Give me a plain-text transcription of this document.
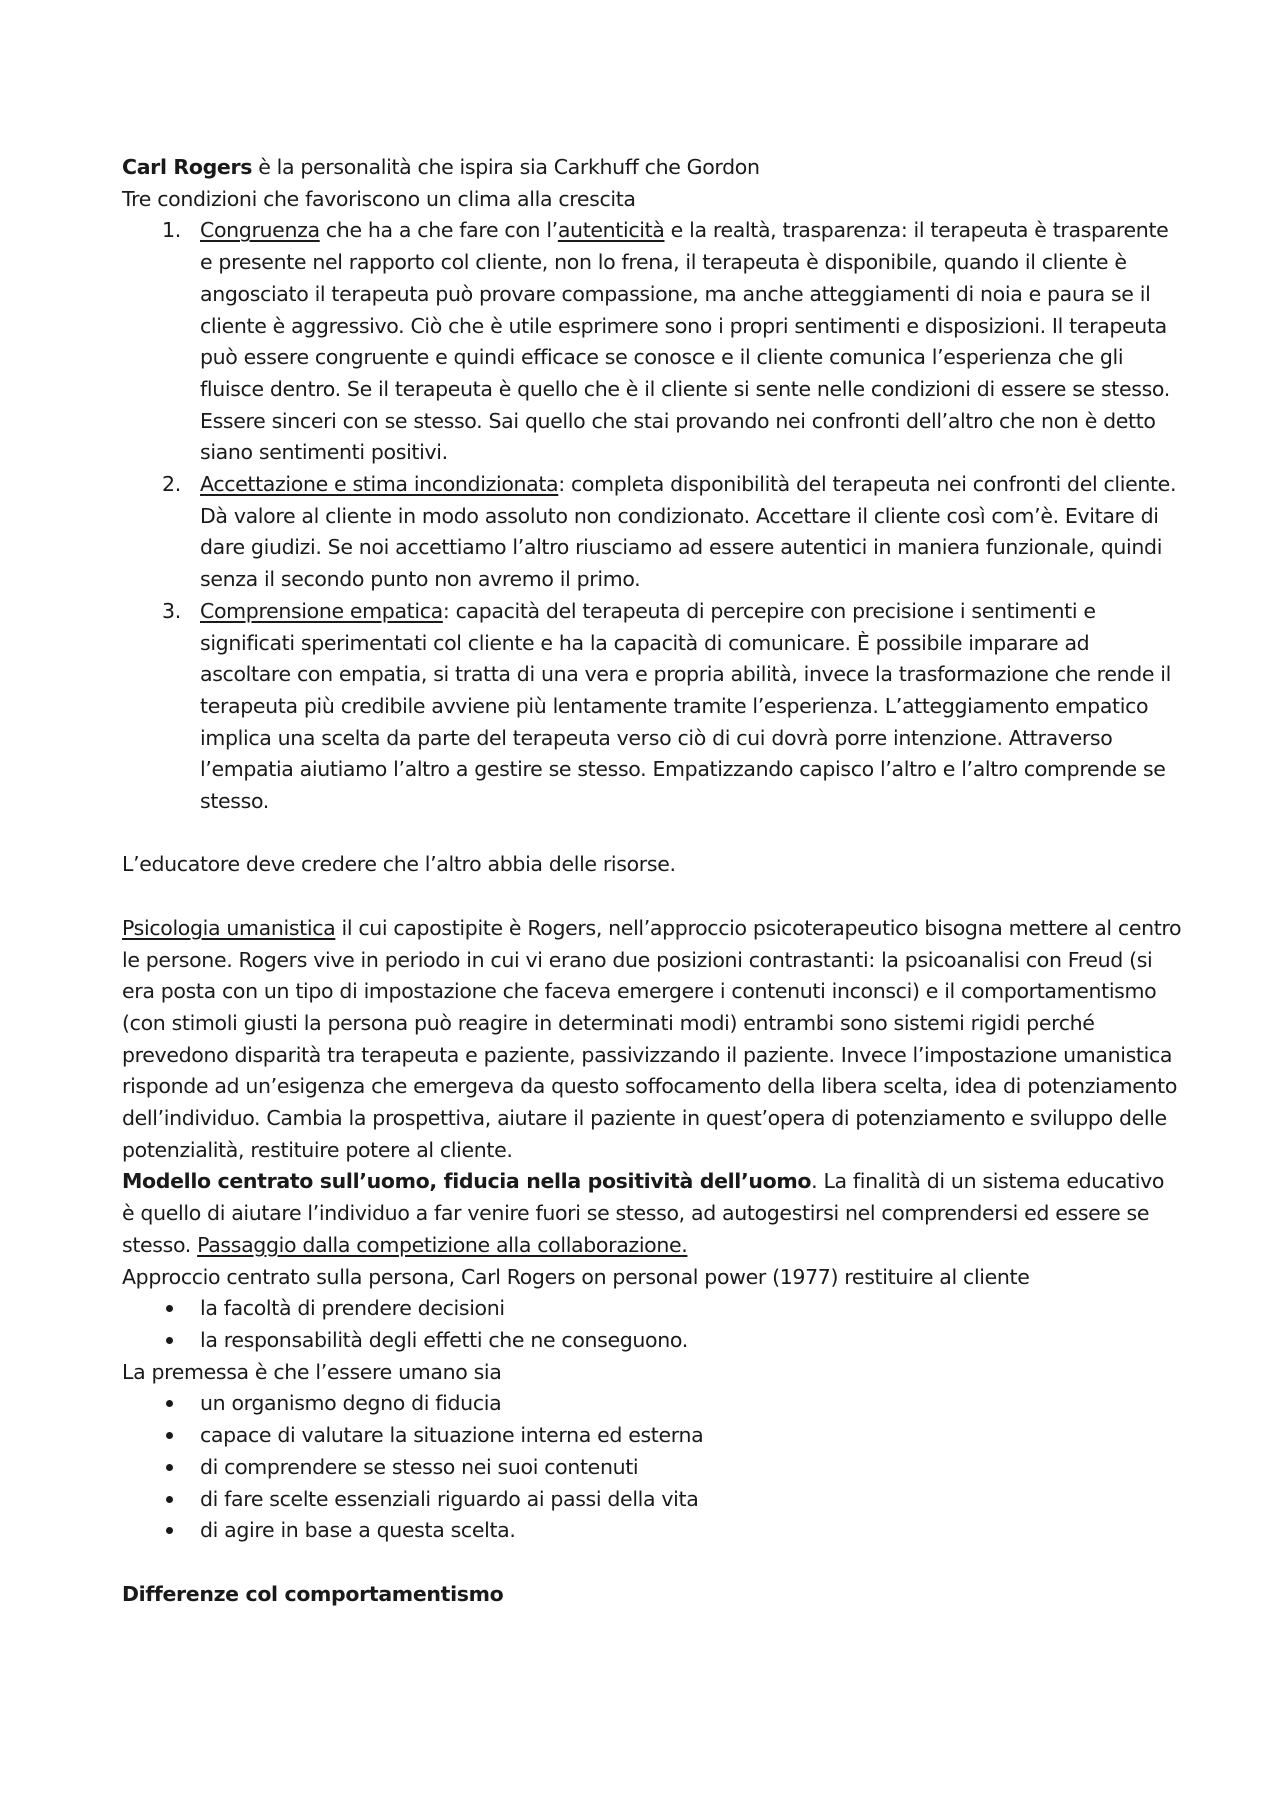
Carl Rogers è la personalità che ispira sia Carkhuff che Gordon

Tre condizioni che favoriscono un clima alla crescita

1. Congruenza che ha a che fare con l’autenticità e la realtà, trasparenza: il terapeuta è trasparente e presente nel rapporto col cliente, non lo frena, il terapeuta è disponibile, quando il cliente è angosciato il terapeuta può provare compassione, ma anche atteggiamenti di noia e paura se il cliente è aggressivo. Ciò che è utile esprimere sono i propri sentimenti e disposizioni. Il terapeuta può essere congruente e quindi efficace se conosce e il cliente comunica l’esperienza che gli fluisce dentro. Se il terapeuta è quello che è il cliente si sente nelle condizioni di essere se stesso. Essere sinceri con se stesso. Sai quello che stai provando nei confronti dell’altro che non è detto siano sentimenti positivi.
2. Accettazione e stima incondizionata: completa disponibilità del terapeuta nei confronti del cliente. Dà valore al cliente in modo assoluto non condizionato. Accettare il cliente così com’è. Evitare di dare giudizi. Se noi accettiamo l’altro riusciamo ad essere autentici in maniera funzionale, quindi senza il secondo punto non avremo il primo.
3. Comprensione empatica: capacità del terapeuta di percepire con precisione i sentimenti e significati sperimentati col cliente e ha la capacità di comunicare. È possibile imparare ad ascoltare con empatia, si tratta di una vera e propria abilità, invece la trasformazione che rende il terapeuta più credibile avviene più lentamente tramite l’esperienza. L’atteggiamento empatico implica una scelta da parte del terapeuta verso ciò di cui dovrà porre intenzione. Attraverso l’empatia aiutiamo l’altro a gestire se stesso. Empatizzando capisco l’altro e l’altro comprende se stesso.

L’educatore deve credere che l’altro abbia delle risorse.

Psicologia umanistica il cui capostipite è Rogers, nell’approccio psicoterapeutico bisogna mettere al centro le persone. Rogers vive in periodo in cui vi erano due posizioni contrastanti: la psicoanalisi con Freud (si era posta con un tipo di impostazione che faceva emergere i contenuti inconsci) e il comportamentismo (con stimoli giusti la persona può reagire in determinati modi) entrambi sono sistemi rigidi perché prevedono disparità tra terapeuta e paziente, passivizzando il paziente. Invece l’impostazione umanistica risponde ad un’esigenza che emergeva da questo soffocamento della libera scelta, idea di potenziamento dell’individuo. Cambia la prospettiva, aiutare il paziente in quest’opera di potenziamento e sviluppo delle potenzialità, restituire potere al cliente.

Modello centrato sull’uomo, fiducia nella positività dell’uomo. La finalità di un sistema educativo è quello di aiutare l’individuo a far venire fuori se stesso, ad autogestirsi nel comprendersi ed essere se stesso. Passaggio dalla competizione alla collaborazione.

Approccio centrato sulla persona, Carl Rogers on personal power (1977) restituire al cliente

la facoltà di prendere decisioni
la responsabilità degli effetti che ne conseguono.

La premessa è che l’essere umano sia

un organismo degno di fiducia
capace di valutare la situazione interna ed esterna
di comprendere se stesso nei suoi contenuti
di fare scelte essenziali riguardo ai passi della vita
di agire in base a questa scelta.

Differenze col comportamentismo
